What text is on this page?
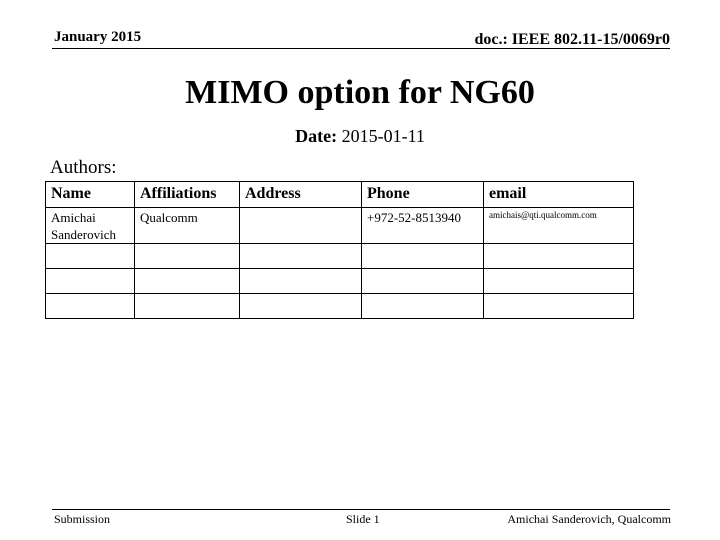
January 2015	doc.: IEEE 802.11-15/0069r0
MIMO option for NG60
Date: 2015-01-11
Authors:
Name	Affiliations	Address	Phone	email
Amichai
Sanderovich	Qualcomm		+972-52-8513940	amichais@qti.qualcomm.com

Submission	Slide 1	Amichai Sanderovich, Qualcomm
